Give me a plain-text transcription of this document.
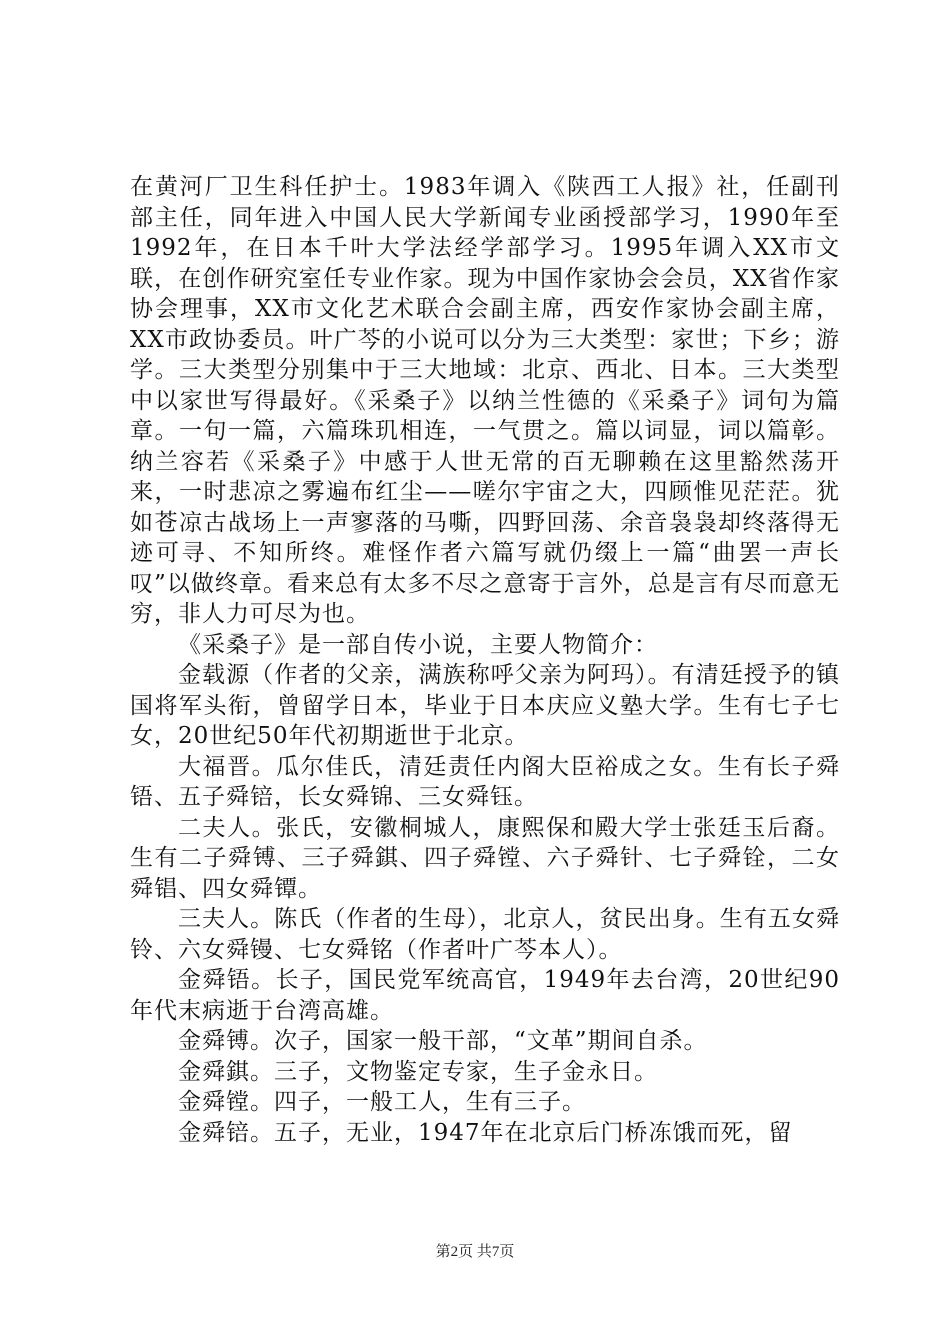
在黄河厂卫生科任护士。1983年调入《陕西工人报》社，任副刊部主任，同年进入中国人民大学新闻专业函授部学习，1990年至1992年，在日本千叶大学法经学部学习。1995年调入XX市文联，在创作研究室任专业作家。现为中国作家协会会员，XX省作家协会理事，XX市文化艺术联合会副主席，西安作家协会副主席，XX市政协委员。叶广芩的小说可以分为三大类型：家世；下乡；游学。三大类型分别集中于三大地域：北京、西北、日本。三大类型中以家世写得最好。《采桑子》以纳兰性德的《采桑子》词句为篇章。一句一篇，六篇珠玑相连，一气贯之。篇以词显，词以篇彰。纳兰容若《采桑子》中感于人世无常的百无聊赖在这里豁然荡开来，一时悲凉之雾遍布红尘——嗟尔宇宙之大，四顾惟见茫茫。犹如苍凉古战场上一声寥落的马嘶，四野回荡、余音袅袅却终落得无迹可寻、不知所终。难怪作者六篇写就仍缀上一篇“曲罢一声长叹”以做终章。看来总有太多不尽之意寄于言外，总是言有尽而意无穷，非人力可尽为也。

《采桑子》是一部自传小说，主要人物简介：

金载源（作者的父亲，满族称呼父亲为阿玛）。有清廷授予的镇国将军头衔，曾留学日本，毕业于日本庆应义塾大学。生有七子七女，20世纪50年代初期逝世于北京。

大福晋。瓜尔佳氏，清廷责任内阁大臣裕成之女。生有长子舜铻、五子舜锫，长女舜锦、三女舜钰。

二夫人。张氏，安徽桐城人，康熙保和殿大学士张廷玉后裔。生有二子舜镈、三子舜錤、四子舜镗、六子舜针、七子舜铨，二女舜锠、四女舜镡。

三夫人。陈氏（作者的生母），北京人，贫民出身。生有五女舜铃、六女舜镘、七女舜铭（作者叶广芩本人）。

金舜铻。长子，国民党军统高官，1949年去台湾，20世纪90年代末病逝于台湾高雄。

金舜镈。次子，国家一般干部，“文革”期间自杀。

金舜錤。三子，文物鉴定专家，生子金永日。

金舜镗。四子，一般工人，生有三子。

金舜锫。五子，无业，1947年在北京后门桥冻饿而死，留

第2页 共7页
